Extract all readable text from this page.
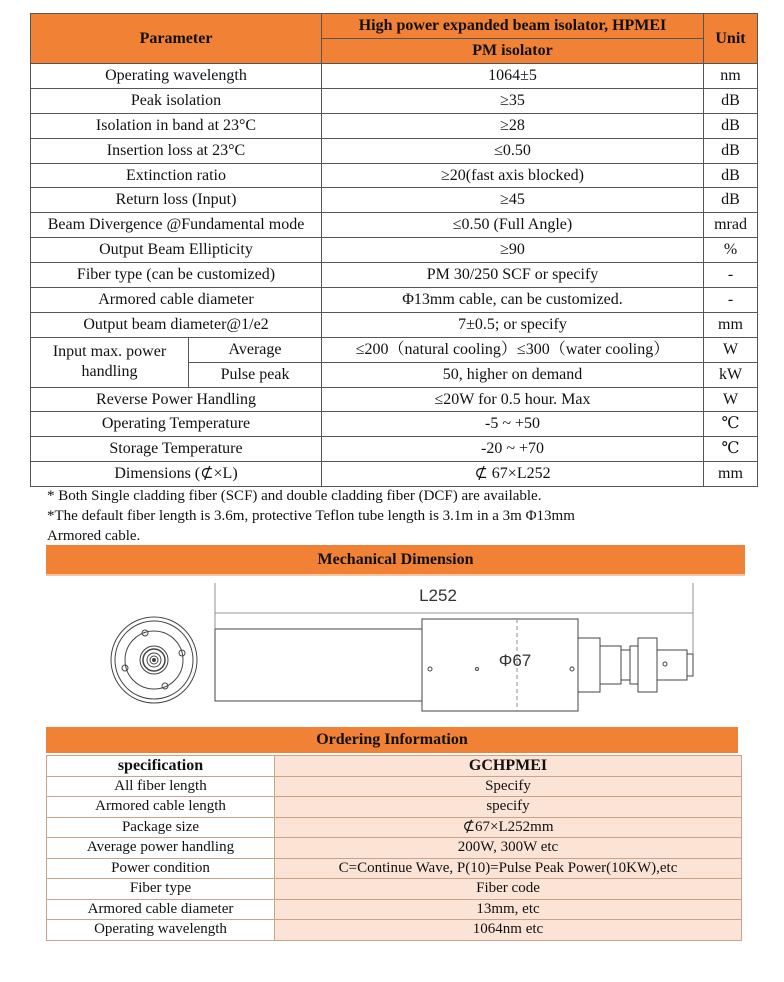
Parameter		High power expanded beam isolator, HPMEI	Unit
		PM isolator	
Operating wavelength		1064±5	nm
Peak isolation		≥35	dB
Isolation in band at 23°C		≥28	dB
Insertion loss at 23°C		≤0.50	dB
Extinction ratio		≥20(fast axis blocked)	dB
Return loss (Input)		≥45	dB
Beam Divergence @Fundamental mode		≤0.50 (Full Angle)	mrad
Output Beam Ellipticity		≥90	%
Fiber type (can be customized)		PM 30/250 SCF or specify	-
Armored cable diameter		Φ13mm cable, can be customized.	-
Output beam diameter@1/e2		7±0.5; or specify	mm
Input max. power handling	Average	≤200（natural cooling）≤300（water cooling）	W
	Pulse peak	50, higher on demand	kW
Reverse Power Handling		≤20W for 0.5 hour. Max	W
Operating Temperature		-5 ~ +50	℃
Storage Temperature		-20 ~ +70	℃
Dimensions (⊄×L)		⊄ 67×L252	mm
* Both Single cladding fiber (SCF) and double cladding fiber (DCF) are available.
*The default fiber length is 3.6m, protective Teflon tube length is 3.1m in a 3m Φ13mm
Armored cable.
Mechanical Dimension
L252
Φ67
Ordering Information
specification	GCHPMEI
All fiber length	Specify
Armored cable length	specify
Package size	⊄67×L252mm
Average power handling	200W, 300W etc
Power condition	C=Continue Wave, P(10)=Pulse Peak Power(10KW),etc
Fiber type	Fiber code
Armored cable diameter	13mm, etc
Operating wavelength	1064nm etc
